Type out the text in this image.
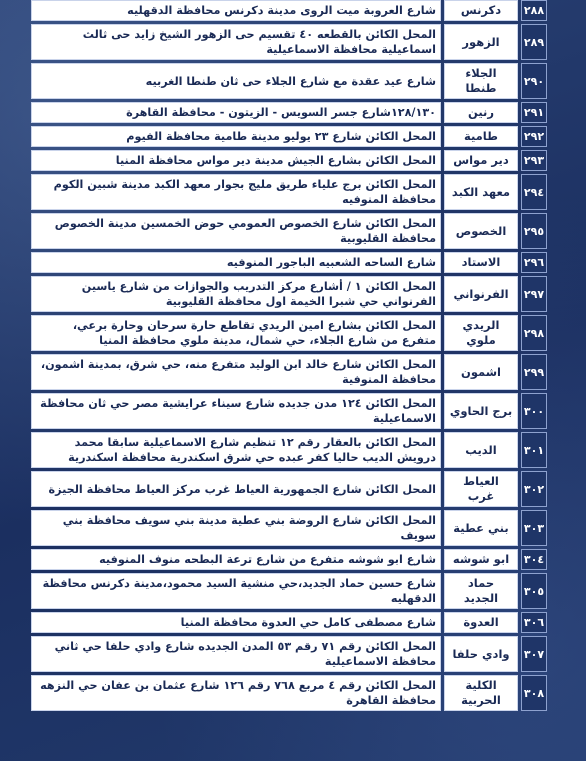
٢٨٨	دكرنس	شارع العروبة ميت الروى مدينة دكرنس محافظة الدقهليه
٢٨٩	الزهور	المحل الكائن بالقطعه ٤٠ تقسيم حى الزهور الشيخ زايد حى ثالث اسماعيلية محافظة الاسماعيلية
٢٩٠	الجلاء طنطا	شارع عيد عقدة مع شارع الجلاء حى ثان طنطا الغربيه
٢٩١	رنين	١٢٨/١٣٠شارع جسر السويس - الزيتون - محافظة القاهرة
٢٩٢	طامية	المحل الكائن شارع ٢٣ يوليو مدينة طامية محافظة الفيوم
٢٩٣	دير مواس	المحل الكائن بشارع الجيش مدينة دير مواس محافظة المنيا
٢٩٤	معهد الكبد	المحل الكائن برج علياء طريق مليج بجوار معهد الكبد مدينة شبين الكوم محافظة المنوفيه
٢٩٥	الخصوص	المحل الكائن شارع الخصوص العمومي حوض الخمسين مدينة الخصوص محافظة القليوبية
٢٩٦	الاستاد	شارع الساحه الشعبيه الباجور المنوفيه
٢٩٧	الفرنواني	المحل الكائن ١ / أشارع مركز التدريب والجوازات من شارع ياسين الفرنواني حي شبرا الخيمة اول محافظة القليوبية
٢٩٨	الريدي ملوي	المحل الكائن بشارع امين الريدي تقاطع حارة سرحان وحارة برعي، متفرع من شارع الجلاء، حي شمال، مدينة ملوي محافظة المنيا
٢٩٩	اشمون	المحل الكائن شارع خالد ابن الوليد متفرع منه، حي شرق، بمدينة اشمون، محافظة المنوفية
٣٠٠	برج الحاوي	المحل الكائن ١٢٤ مدن جديده شارع سيناء عرايشية مصر حي ثان محافظة الاسماعيلية
٣٠١	الديب	المحل الكائن بالعقار رقم ١٢ تنظيم شارع الاسماعيلية سابقا محمد درويش الديب حاليا كفر عبده حي شرق اسكندرية محافظة اسكندرية
٣٠٢	العياط غرب	المحل الكائن شارع الجمهورية العياط غرب مركز العياط محافظة الجيزة
٣٠٣	بني عطية	المحل الكائن شارع الروضة بني عطية مدينة بني سويف محافظة بني سويف
٣٠٤	ابو شوشه	شارع ابو شوشه متفرع من شارع ترعة البطحه منوف المنوفيه
٣٠٥	حماد الجديد	شارع حسين حماد الجديد،حي منشية السيد محمود،مدينة دكرنس محافظة الدقهليه
٣٠٦	العدوة	شارع مصطفى كامل حي العدوة محافظة المنيا
٣٠٧	وادي حلفا	المحل الكائن رقم ٧١ رقم ٥٣ المدن الجديده شارع وادي حلفا حي ثاني محافظة الاسماعيلية
٣٠٨	الكلية الحربية	المحل الكائن رقم ٤ مربع ٧٦٨ رقم ١٢٦ شارع عثمان بن عفان حي النزهه محافظة القاهرة
